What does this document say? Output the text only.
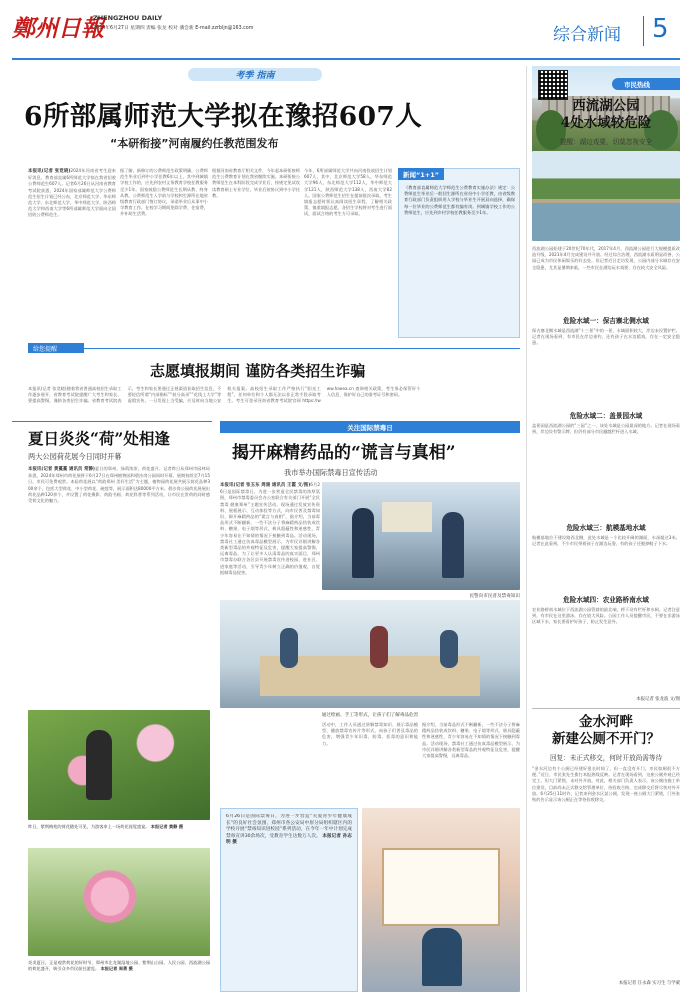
鄭州日報
ZHENGZHOU DAILY
2024年6月27日 星期四 责编 张龙 校对 潘会新 E-mail:zzrbljn@163.com	综合新闻 5
考季 指南
6所部属师范大学拟在豫招607人
“本研衔接”河南履约任教范围发布
本报讯(记者 张竞晓)2024年河南省考生迎来好消息，教育部直属6所师范大学拟在我省招收公费师范生607人。记者6月26日从河南省教育考试院获悉，2024年国家部属师范大学公费师范生招生计划已经公布，北京师范大学、华东师范大学、东北师范大学、华中师范大学、陕西师范大学和西南大学等6所部属师范大学面向全国招收公费师范生。
据了解，新修订的公费师范生政策明确，公费师范生毕业后到中小学任教6年以上，其中到城镇学校工作的，应先到农村义务教育学校任教服务至少1年。国家鼓励公费师范生长期从教、终身从教。公费师范生入学前与学校和生源所在地省级教育行政部门签订协议，承诺毕业后从事中小学教育工作。在校学习期间免除学费、住宿费，并补助生活费。
根据河南省教育厅相关文件，今年起本研衔接师范生公费教育计划在我省继续实施。本研衔接公费师范生在本科阶段完成学业后，按规定免试攻读教育硕士专业学位，毕业后按协议到中小学任教。
今年，6所部属师范大学共向河南投放招生计划607人，其中，北京师范大学58人，华东师范大学96人，东北师范大学112人，华中师范大学121人，陕西师范大学138人，西南大学82人。国家公费师范生招生在提前批次录取，考生填报志愿时须认真阅读招生章程，了解相关政策，慎重填报志愿。各招生学校将对考生进行面试，面试合格的考生方可录取。
新闻“1+1”
《教育部直属师范大学师范生公费教育实施办法》规定：公费师范生毕业后一般回生源所在省份中小学任教，由省级教育行政部门负责组织用人学校与毕业生开展双向选择，确保每一位毕业的公费师范生都有编有岗。到城镇学校工作的公费师范生，应先到乡村学校任教服务至少1年。
给您提醒
志愿填报期间 谨防各类招生诈骗
本报讯(记者 张竞晓)随着我省普通高校招生录取工作逐步展开，省教育考试院提醒广大考生和家长，要提高警惕，谨防各类招生诈骗。省教育考试院表示，考生和家长要通过正规渠道获取招生信息，不要轻信所谓“内部指标”“低分高录”“花钱上大学”等虚假宣传，一旦发现上当受骗，应及时向当地公安机关报案。高校招生录取工作严格执行“阳光工程”，任何单位和个人都无法以非正常手段录取考生。考生可登录河南省教育考试院官网 https://www.haeea.cn 查询相关政策，考生务必保管好个人信息，保护好自己的准考证号和密码。
夏日炎炎“荷”处相逢
两大公园荷花展今日同时开幕
本报讯(记者 黄蔓蔓 通讯员 常静)夏日的郑州，绿荫浓浓，荷花盛开。记者昨日从郑州市园林局获悉，2024年郑州市荷花展将于6月27日在郑州植物园和碧沙岗公园同时开幕，展期持续至7月15日，市民可免费观赏。本届荷花展以“荷韵郑州 美好生活”为主题，植物园荷花展共展示荷花品种300余个，包括大型荷花、中小型荷花、碗莲等，展示面积达80000平方米。碧沙岗公园荷花展展出荷花品种120余个，并设置了荷花摄影、荷韵书画、荷花科普等系列活动，让市民在赏荷的同时感受荷文化的魅力。
昨日，紫荆梅苑的荷花随处可见，为游客奉上一场荷花视觉盛宴。 本报记者 黄静 摄
炎炎夏日，正是观赏荷花的好时节，郑州市北龙湖湿地公园、紫荆山公园、人民公园、西流湖公园的荷花盛开，吸引众多市民前往游览。 本报记者 周勇 摄
关注国际禁毒日
揭开麻精药品的“谎言与真相”
我市举办国际禁毒日宣传活动
本报讯(记者 张玉东 周涌 通讯员 王霞 文/图)6月26日是国际禁毒日，为进一步营造全民禁毒的浓厚氛围，郑州市禁毒委员会办公室联合有关部门开展“全民禁毒 健康郑州”主题宣传活动，现场通过发放宣传资料、展板展示、互动体验等方式，向市民普及禁毒知识，揭开麻精药品的“谎言与真相”。据介绍，当前毒品形式不断翻新，一些不法分子将麻精药品伪装成饮料、糖果、电子烟等形式，极具隐蔽性和迷惑性，青少年容易在不知情的情况下接触到毒品。活动现场，禁毒社工通过仿真毒品模型展示，为市民详细讲解各类新型毒品的外观特征及危害，提醒大家提高警惕，远离毒品。为了让更多人认清毒品的真实面目，郑州市禁毒办联合各区县开展禁毒宣传进校园、进社区、进家庭等活动，引导青少年树立正确的价值观，自觉抵制毒品侵害。
民警向市民普及禁毒知识
通过绘画、手工等形式，让孩子们了解毒品危害
活动中，工作人员通过讲解禁毒知识、展示毒品模型、播放禁毒宣传片等形式，向孩子们普及毒品的危害，增强青少年识毒、防毒、拒毒的意识和能力。
据介绍，当前毒品形式不断翻新，一些不法分子将麻精药品伪装成饮料、糖果、电子烟等形式，极具隐蔽性和迷惑性，青少年容易在不知情的情况下接触到毒品。活动现场，禁毒社工通过仿真毒品模型展示，为市民详细讲解各类新型毒品的外观特征及危害，提醒大家提高警惕，远离毒品。
6月26日是国际禁毒日，为进一步营造“关爱青少年健康成长”的良好社会氛围，郑州市各公安局中原分局组织辖区内的学校开展“禁毒知识进校园”系列活动，在今年一年中计划完成禁毒宣讲30余场次，受教育学生达数万人次。 本报记者 孙志明 摄
市民热线
西流湖公园
4处水域较危险
提醒：湖边戏要，切莫忽视安全
西流湖公园始建于20世纪70年代，2017年4月，西流湖公园进行大规模提质改造升级，2021年4月完成建设并开放。经过综合治理，西流湖水质明显改善，公园已成为市民休闲娱乐的好去处。但记者近日走访发现，公园内部分水域存在安全隐患，尤其是暑期来临，一些市民在湖边玩水戏要，存在较大安全风险。
危险水域一：保吉寨北侧水域
保吉寨北侧水域是西流湖“十三景”中的一景，水域面积较大，岸边未设置护栏。记者在现场看到，有市民在岸边垂钓，还有孩子在水边嬉戏，存在一定安全隐患。
危险水域二：盖景园水域
盖景园是西流湖公园的“三园”之一，该处水域是公园最深的地方。记者在现场看到，岸边设有警示牌，但仍有部分市民翻越栏杆进入水域。
危险水域三：航模基地水域
航模基地位于建设路西北侧，此处水域是一个比较开阔的湖面，水深超过3米。记者在此看到，不少市民带着孩子在湖边玩耍，有的孩子还脱掉鞋子下水。
危险水域四：农业路桥南水域
农业路桥南水域位于西流湖公园管辖的最北端，桥下设有栏杆和水闸。记者注意到，有市民在这里游泳，存在较大风险。公园工作人员提醒市民，不要在非游泳区域下水，家长要看护好孩子，防止发生意外。
本报记者 张龙波 文/图
金水河畔
新建公厕不开门？
回复：未正式移交，何时开放尚需等待
“金水河边有个公厕已经建好很长时间了，但一直没有开门，市民如厕很不方便。”近日，市民张先生拨打本报热线反映。记者在现场看到，这座公厕外观已经完工，但大门紧锁，未对外开放。对此，相关部门负责人表示，该公厕由施工单位建设，目前尚未正式移交给管理单位，待验收合格、完成移交后将尽快对外开放。6月25日11时许，记者来到金水区某公厕，发现一座公厕大门紧锁，门外张贴的告示显示该公厕正在等待验收移交。
本报记者 汪永森 实习生 与学蒙
